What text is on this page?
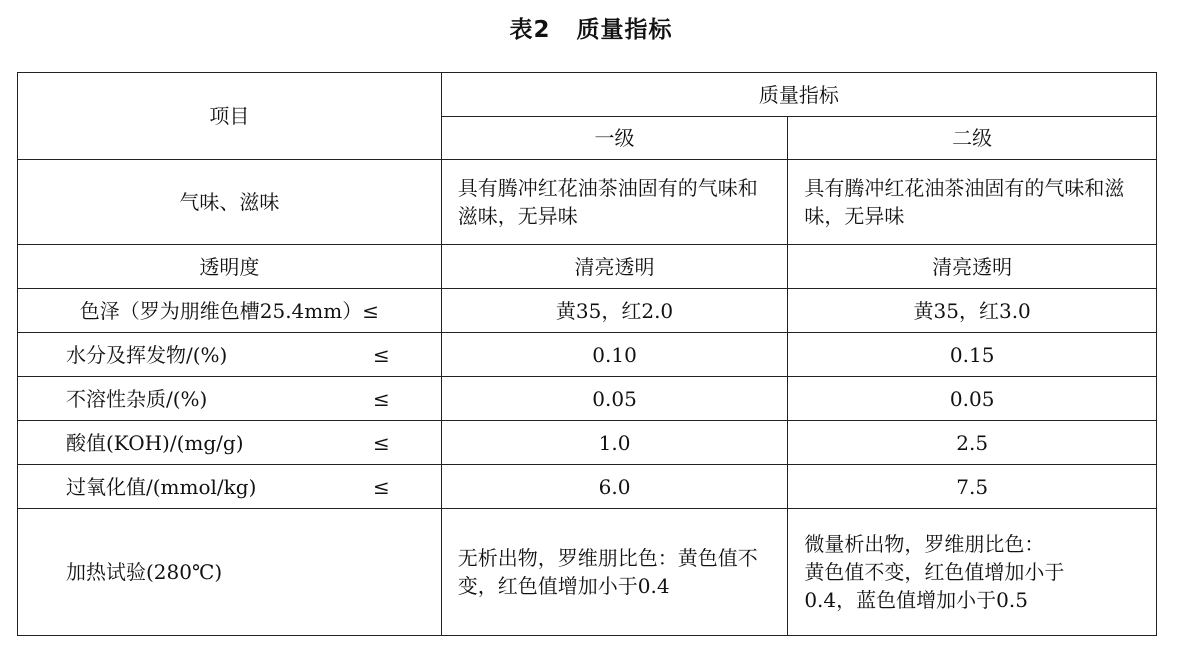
表2 质量指标
项目	质量指标	
	一级	二级
气味、滋味	具有腾冲红花油茶油固有的气味和滋味，无异味	具有腾冲红花油茶油固有的气味和滋味，无异味
透明度	清亮透明	清亮透明
色泽（罗为朋维色槽25.4mm）≤	黄35，红2.0	黄35，红3.0
水分及挥发物/(%) ≤	0.10	0.15
不溶性杂质/(%) ≤	0.05	0.05
酸值(KOH)/(mg/g) ≤	1.0	2.5
过氧化值/(mmol/kg) ≤	6.0	7.5
加热试验(280℃)	无析出物，罗维朋比色：黄色值不变，红色值增加小于0.4	微量析出物，罗维朋比色：
黄色值不变，红色值增加小于
0.4，蓝色值增加小于0.5
